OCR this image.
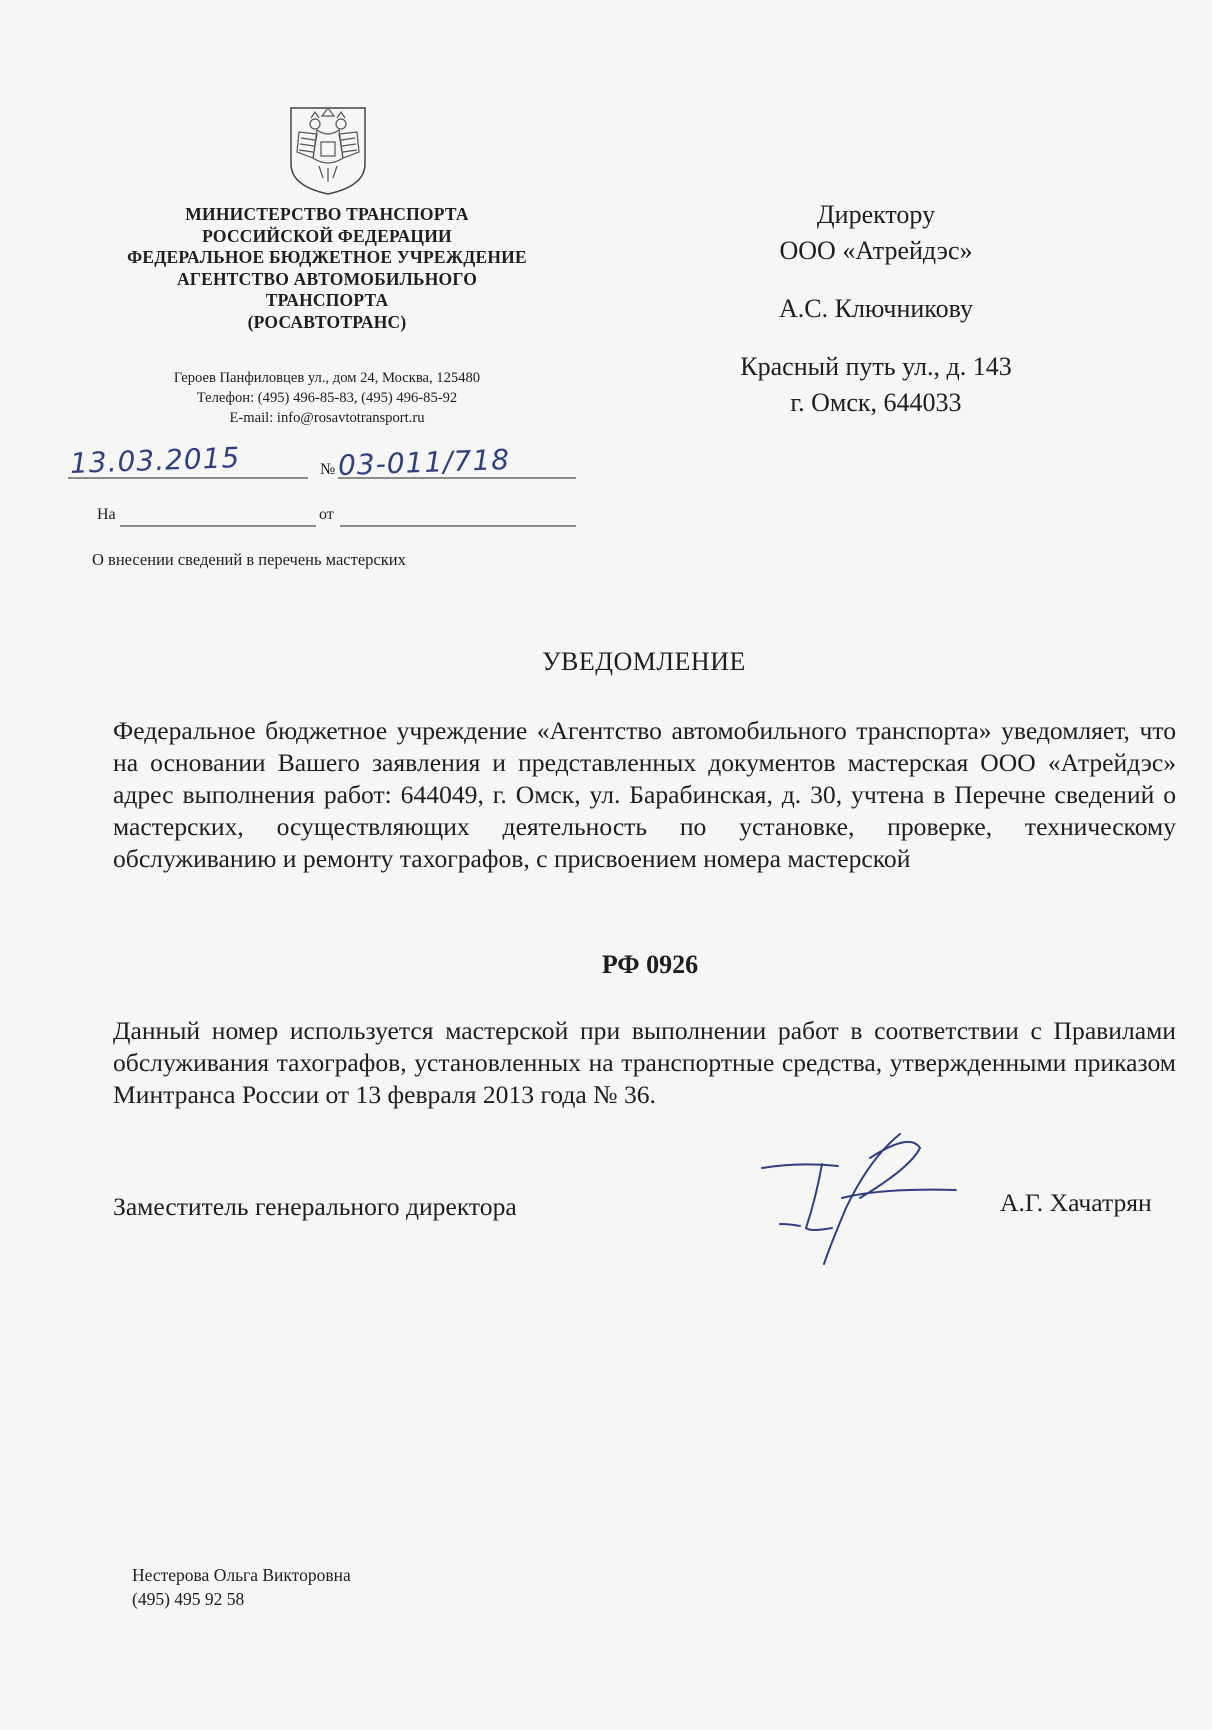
МИНИСТЕРСТВО ТРАНСПОРТА
РОССИЙСКОЙ ФЕДЕРАЦИИ
ФЕДЕРАЛЬНОЕ БЮДЖЕТНОЕ УЧРЕЖДЕНИЕ
АГЕНТСТВО АВТОМОБИЛЬНОГО
ТРАНСПОРТА
(РОСАВТОТРАНС)
Героев Панфиловцев ул., дом 24, Москва, 125480
Телефон: (495) 496-85-83, (495) 496-85-92
E-mail: info@rosavtotransport.ru
13.03.2015	№ 03-011/718
На	от
О внесении сведений в перечень мастерских
Директору
ООО «Атрейдэс»
А.С. Ключникову
Красный путь ул., д. 143
г. Омск, 644033
УВЕДОМЛЕНИЕ
Федеральное бюджетное учреждение «Агентство автомобильного транспорта» уведомляет, что на основании Вашего заявления и представленных документов мастерская ООО «Атрейдэс» адрес выполнения работ: 644049, г. Омск, ул. Барабинская, д. 30, учтена в Перечне сведений о мастерских, осуществляющих деятельность по установке, проверке, техническому обслуживанию и ремонту тахографов, с присвоением номера мастерской
РФ 0926
Данный номер используется мастерской при выполнении работ в соответствии с Правилами обслуживания тахографов, установленных на транспортные средства, утвержденными приказом Минтранса России от 13 февраля 2013 года № 36.
Заместитель генерального директора	А.Г. Хачатрян
Нестерова Ольга Викторовна
(495) 495 92 58
